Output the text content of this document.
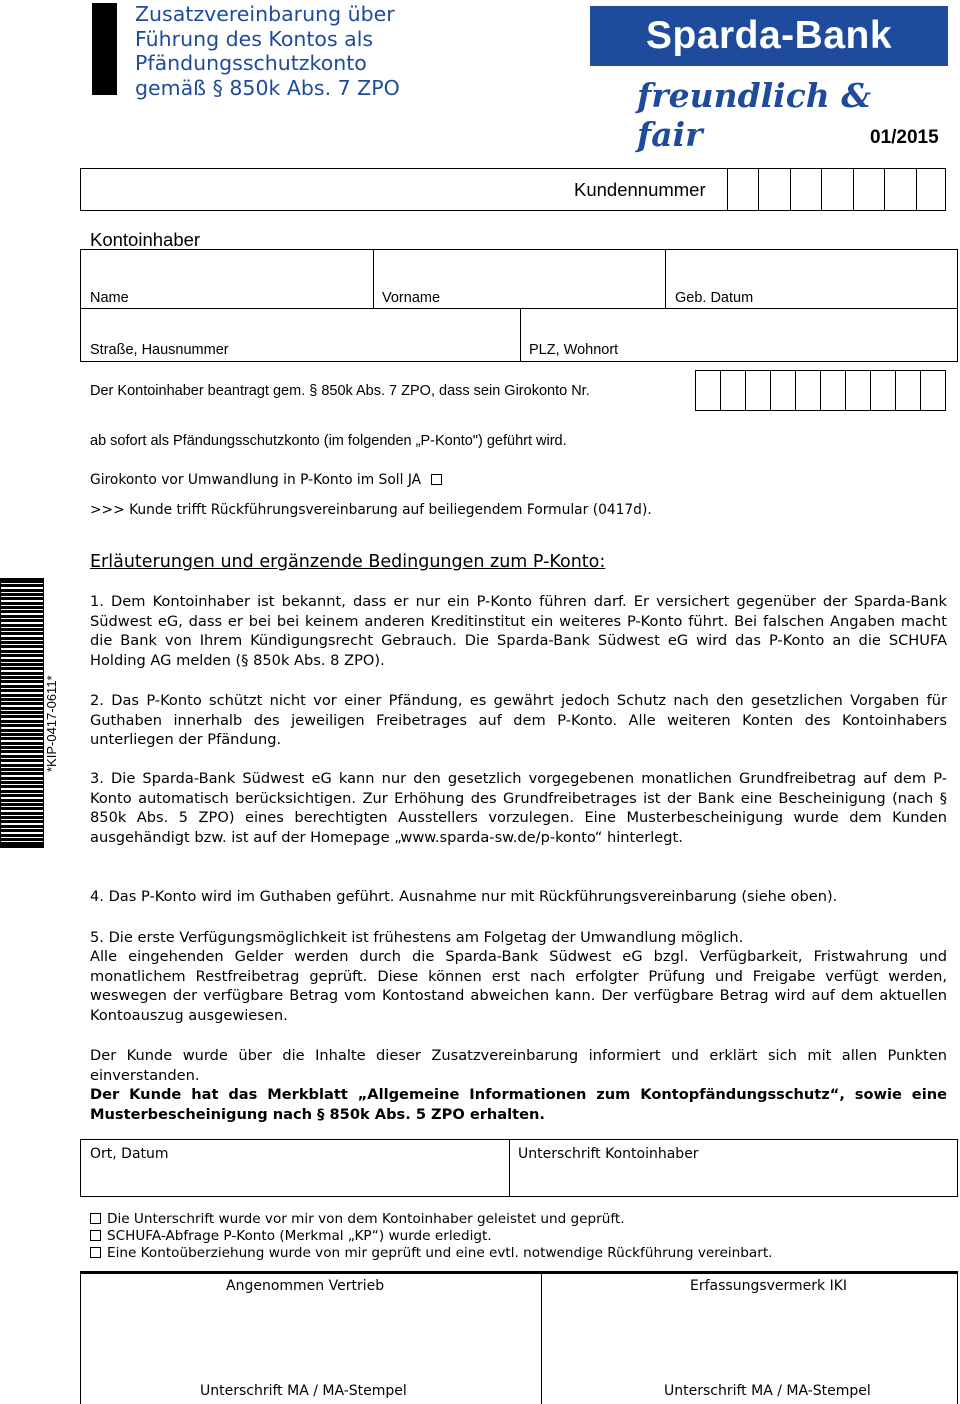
Zusatzvereinbarung über
Führung des Kontos als
Pfändungsschutzkonto
gemäß § 850k Abs. 7 ZPO
Sparda-Bank
freundlich & fair	01/2015
Kundennummer
Kontoinhaber
Name	Vorname	Geb. Datum
Straße, Hausnummer	PLZ, Wohnort
Der Kontoinhaber beantragt gem. § 850k Abs. 7 ZPO, dass sein Girokonto Nr.
ab sofort als Pfändungsschutzkonto (im folgenden „P-Konto") geführt wird.
Girokonto vor Umwandlung in P-Konto im Soll JA
>>> Kunde trifft Rückführungsvereinbarung auf beiliegendem Formular (0417d).
*KIP-0417-0611*
Erläuterungen und ergänzende Bedingungen zum P-Konto:
1. Dem Kontoinhaber ist bekannt, dass er nur ein P-Konto führen darf. Er versichert gegenüber der Sparda-Bank Südwest eG, dass er bei bei keinem anderen Kreditinstitut ein weiteres P-Konto führt. Bei falschen Angaben macht die Bank von Ihrem Kündigungsrecht Gebrauch. Die Sparda-Bank Südwest eG wird das P-Konto an die SCHUFA Holding AG melden (§ 850k Abs. 8 ZPO).
2. Das P-Konto schützt nicht vor einer Pfändung, es gewährt jedoch Schutz nach den gesetzlichen Vorgaben für Guthaben innerhalb des jeweiligen Freibetrages auf dem P-Konto. Alle weiteren Konten des Kontoinhabers unterliegen der Pfändung.
3. Die Sparda-Bank Südwest eG kann nur den gesetzlich vorgegebenen monatlichen Grundfreibetrag auf dem P-Konto automatisch berücksichtigen. Zur Erhöhung des Grundfreibetrages ist der Bank eine Bescheinigung (nach § 850k Abs. 5 ZPO) eines berechtigten Ausstellers vorzulegen. Eine Musterbescheinigung wurde dem Kunden ausgehändigt bzw. ist auf der Homepage „www.sparda-sw.de/p-konto“ hinterlegt.
4. Das P-Konto wird im Guthaben geführt. Ausnahme nur mit Rückführungsvereinbarung (siehe oben).
5. Die erste Verfügungsmöglichkeit ist frühestens am Folgetag der Umwandlung möglich.
Alle eingehenden Gelder werden durch die Sparda-Bank Südwest eG bzgl. Verfügbarkeit, Fristwahrung und monatlichem Restfreibetrag geprüft. Diese können erst nach erfolgter Prüfung und Freigabe verfügt werden, weswegen der verfügbare Betrag vom Kontostand abweichen kann. Der verfügbare Betrag wird auf dem aktuellen Kontoauszug ausgewiesen.
Der Kunde wurde über die Inhalte dieser Zusatzvereinbarung informiert und erklärt sich mit allen Punkten einverstanden.
Der Kunde hat das Merkblatt „Allgemeine Informationen zum Kontopfändungsschutz“, sowie eine Musterbescheinigung nach § 850k Abs. 5 ZPO erhalten.
Ort, Datum	Unterschrift Kontoinhaber
Die Unterschrift wurde vor mir von dem Kontoinhaber geleistet und geprüft.
SCHUFA-Abfrage P-Konto (Merkmal „KP“) wurde erledigt.
Eine Kontoüberziehung wurde von mir geprüft und eine evtl. notwendige Rückführung vereinbart.
Angenommen Vertrieb	Erfassungsvermerk IKI
Unterschrift MA / MA-Stempel	Unterschrift MA / MA-Stempel
